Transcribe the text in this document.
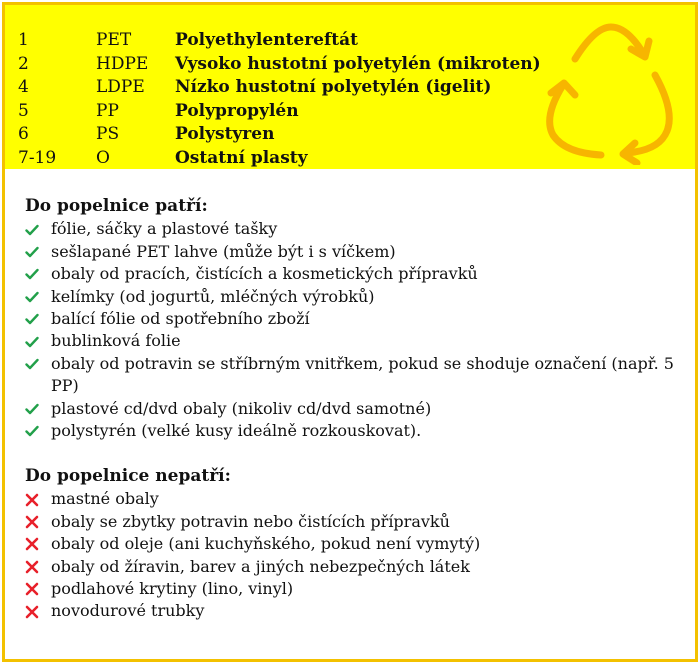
1	PET	Polyethylentereftát
2	HDPE	Vysoko hustotní polyetylén (mikroten)
4	LDPE	Nízko hustotní polyetylén (igelit)
5	PP	Polypropylén
6	PS	Polystyren
7-19	O	Ostatní plasty
Do popelnice patří:
fólie, sáčky a plastové tašky
sešlapané PET lahve (může být i s víčkem)
obaly od pracích, čistících a kosmetických přípravků
kelímky (od jogurtů, mléčných výrobků)
balící fólie od spotřebního zboží
bublinková folie
obaly od potravin se stříbrným vnitřkem, pokud se shoduje označení (např. 5 PP)
plastové cd/dvd obaly (nikoliv cd/dvd samotné)
polystyrén (velké kusy ideálně rozkouskovat).
Do popelnice nepatří:
mastné obaly
obaly se zbytky potravin nebo čistících přípravků
obaly od oleje (ani kuchyňského, pokud není vymytý)
obaly od žíravin, barev a jiných nebezpečných látek
podlahové krytiny (lino, vinyl)
novodurové trubky
